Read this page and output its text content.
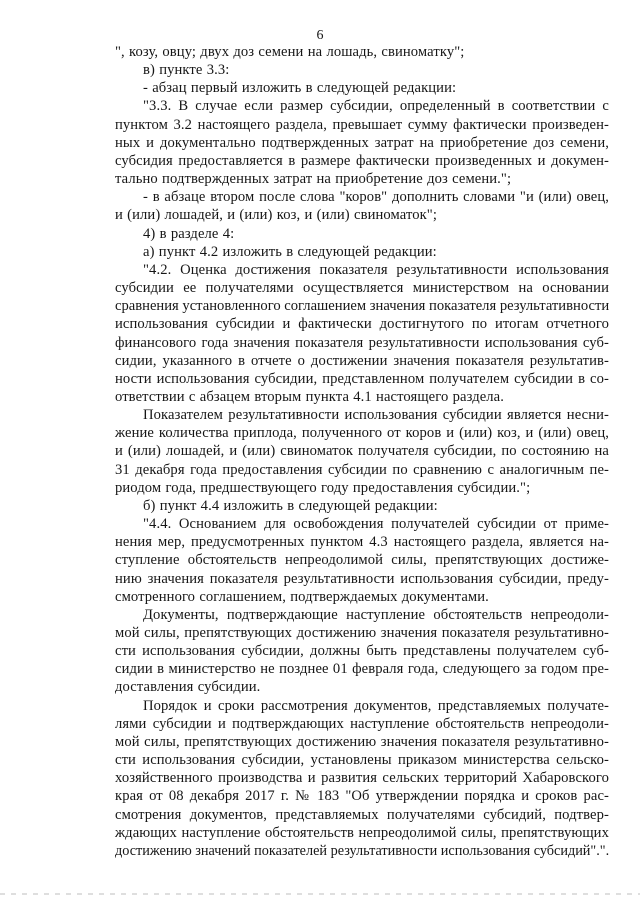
6
", козу, овцу; двух доз семени на лошадь, свиноматку";
в) пункте 3.3:
- абзац первый изложить в следующей редакции:
"3.3. В случае если размер субсидии, определенный в соответствии с
пунктом 3.2 настоящего раздела, превышает сумму фактически произведен-
ных и документально подтвержденных затрат на приобретение доз семени,
субсидия предоставляется в размере фактически произведенных и докумен-
тально подтвержденных затрат на приобретение доз семени.";
- в абзаце втором после слова "коров" дополнить словами "и (или) овец,
и (или) лошадей, и (или) коз, и (или) свиноматок";
4) в разделе 4:
а) пункт 4.2 изложить в следующей редакции:
"4.2. Оценка достижения показателя результативности использования
субсидии ее получателями осуществляется министерством на основании
сравнения установленного соглашением значения показателя результативности
использования субсидии и фактически достигнутого по итогам отчетного
финансового года значения показателя результативности использования суб-
сидии, указанного в отчете о достижении значения показателя результатив-
ности использования субсидии, представленном получателем субсидии в со-
ответствии с абзацем вторым пункта 4.1 настоящего раздела.
Показателем результативности использования субсидии является несни-
жение количества приплода, полученного от коров и (или) коз, и (или) овец,
и (или) лошадей, и (или) свиноматок получателя субсидии, по состоянию на
31 декабря года предоставления субсидии по сравнению с аналогичным пе-
риодом года, предшествующего году предоставления субсидии.";
б) пункт 4.4 изложить в следующей редакции:
"4.4. Основанием для освобождения получателей субсидии от приме-
нения мер, предусмотренных пунктом 4.3 настоящего раздела, является на-
ступление обстоятельств непреодолимой силы, препятствующих достиже-
нию значения показателя результативности использования субсидии, преду-
смотренного соглашением, подтверждаемых документами.
Документы, подтверждающие наступление обстоятельств непреодоли-
мой силы, препятствующих достижению значения показателя результативно-
сти использования субсидии, должны быть представлены получателем суб-
сидии в министерство не позднее 01 февраля года, следующего за годом пре-
доставления субсидии.
Порядок и сроки рассмотрения документов, представляемых получате-
лями субсидии и подтверждающих наступление обстоятельств непреодоли-
мой силы, препятствующих достижению значения показателя результативно-
сти использования субсидии, установлены приказом министерства сельско-
хозяйственного производства и развития сельских территорий Хабаровского
края от 08 декабря 2017 г. № 183 "Об утверждении порядка и сроков рас-
смотрения документов, представляемых получателями субсидий, подтвер-
ждающих наступление обстоятельств непреодолимой силы, препятствующих
достижению значений показателей результативности использования субсидий".".
